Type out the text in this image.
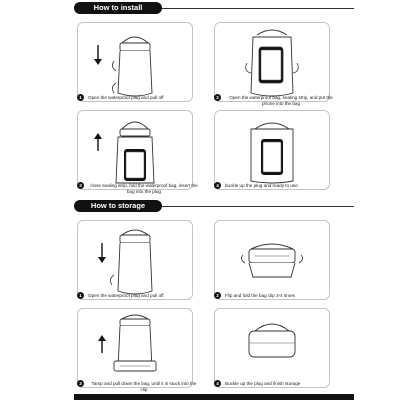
How to install
1	Open the waterproof plug and pull off	2	Open the waterproof bag, sealing strip, and put the phone into the bag
3	close sealing strip, fold the waterproof bag, insert the bag into the plug
4	buckle up the plug and ready to use
How to storage
1	Open the waterproof plug and pull off	2	Flip and fold the bag clip 3-4 times
3	Tamp and pull down the bag, until it is stuck into the clip
4	Buckle up the plug and finish storage
